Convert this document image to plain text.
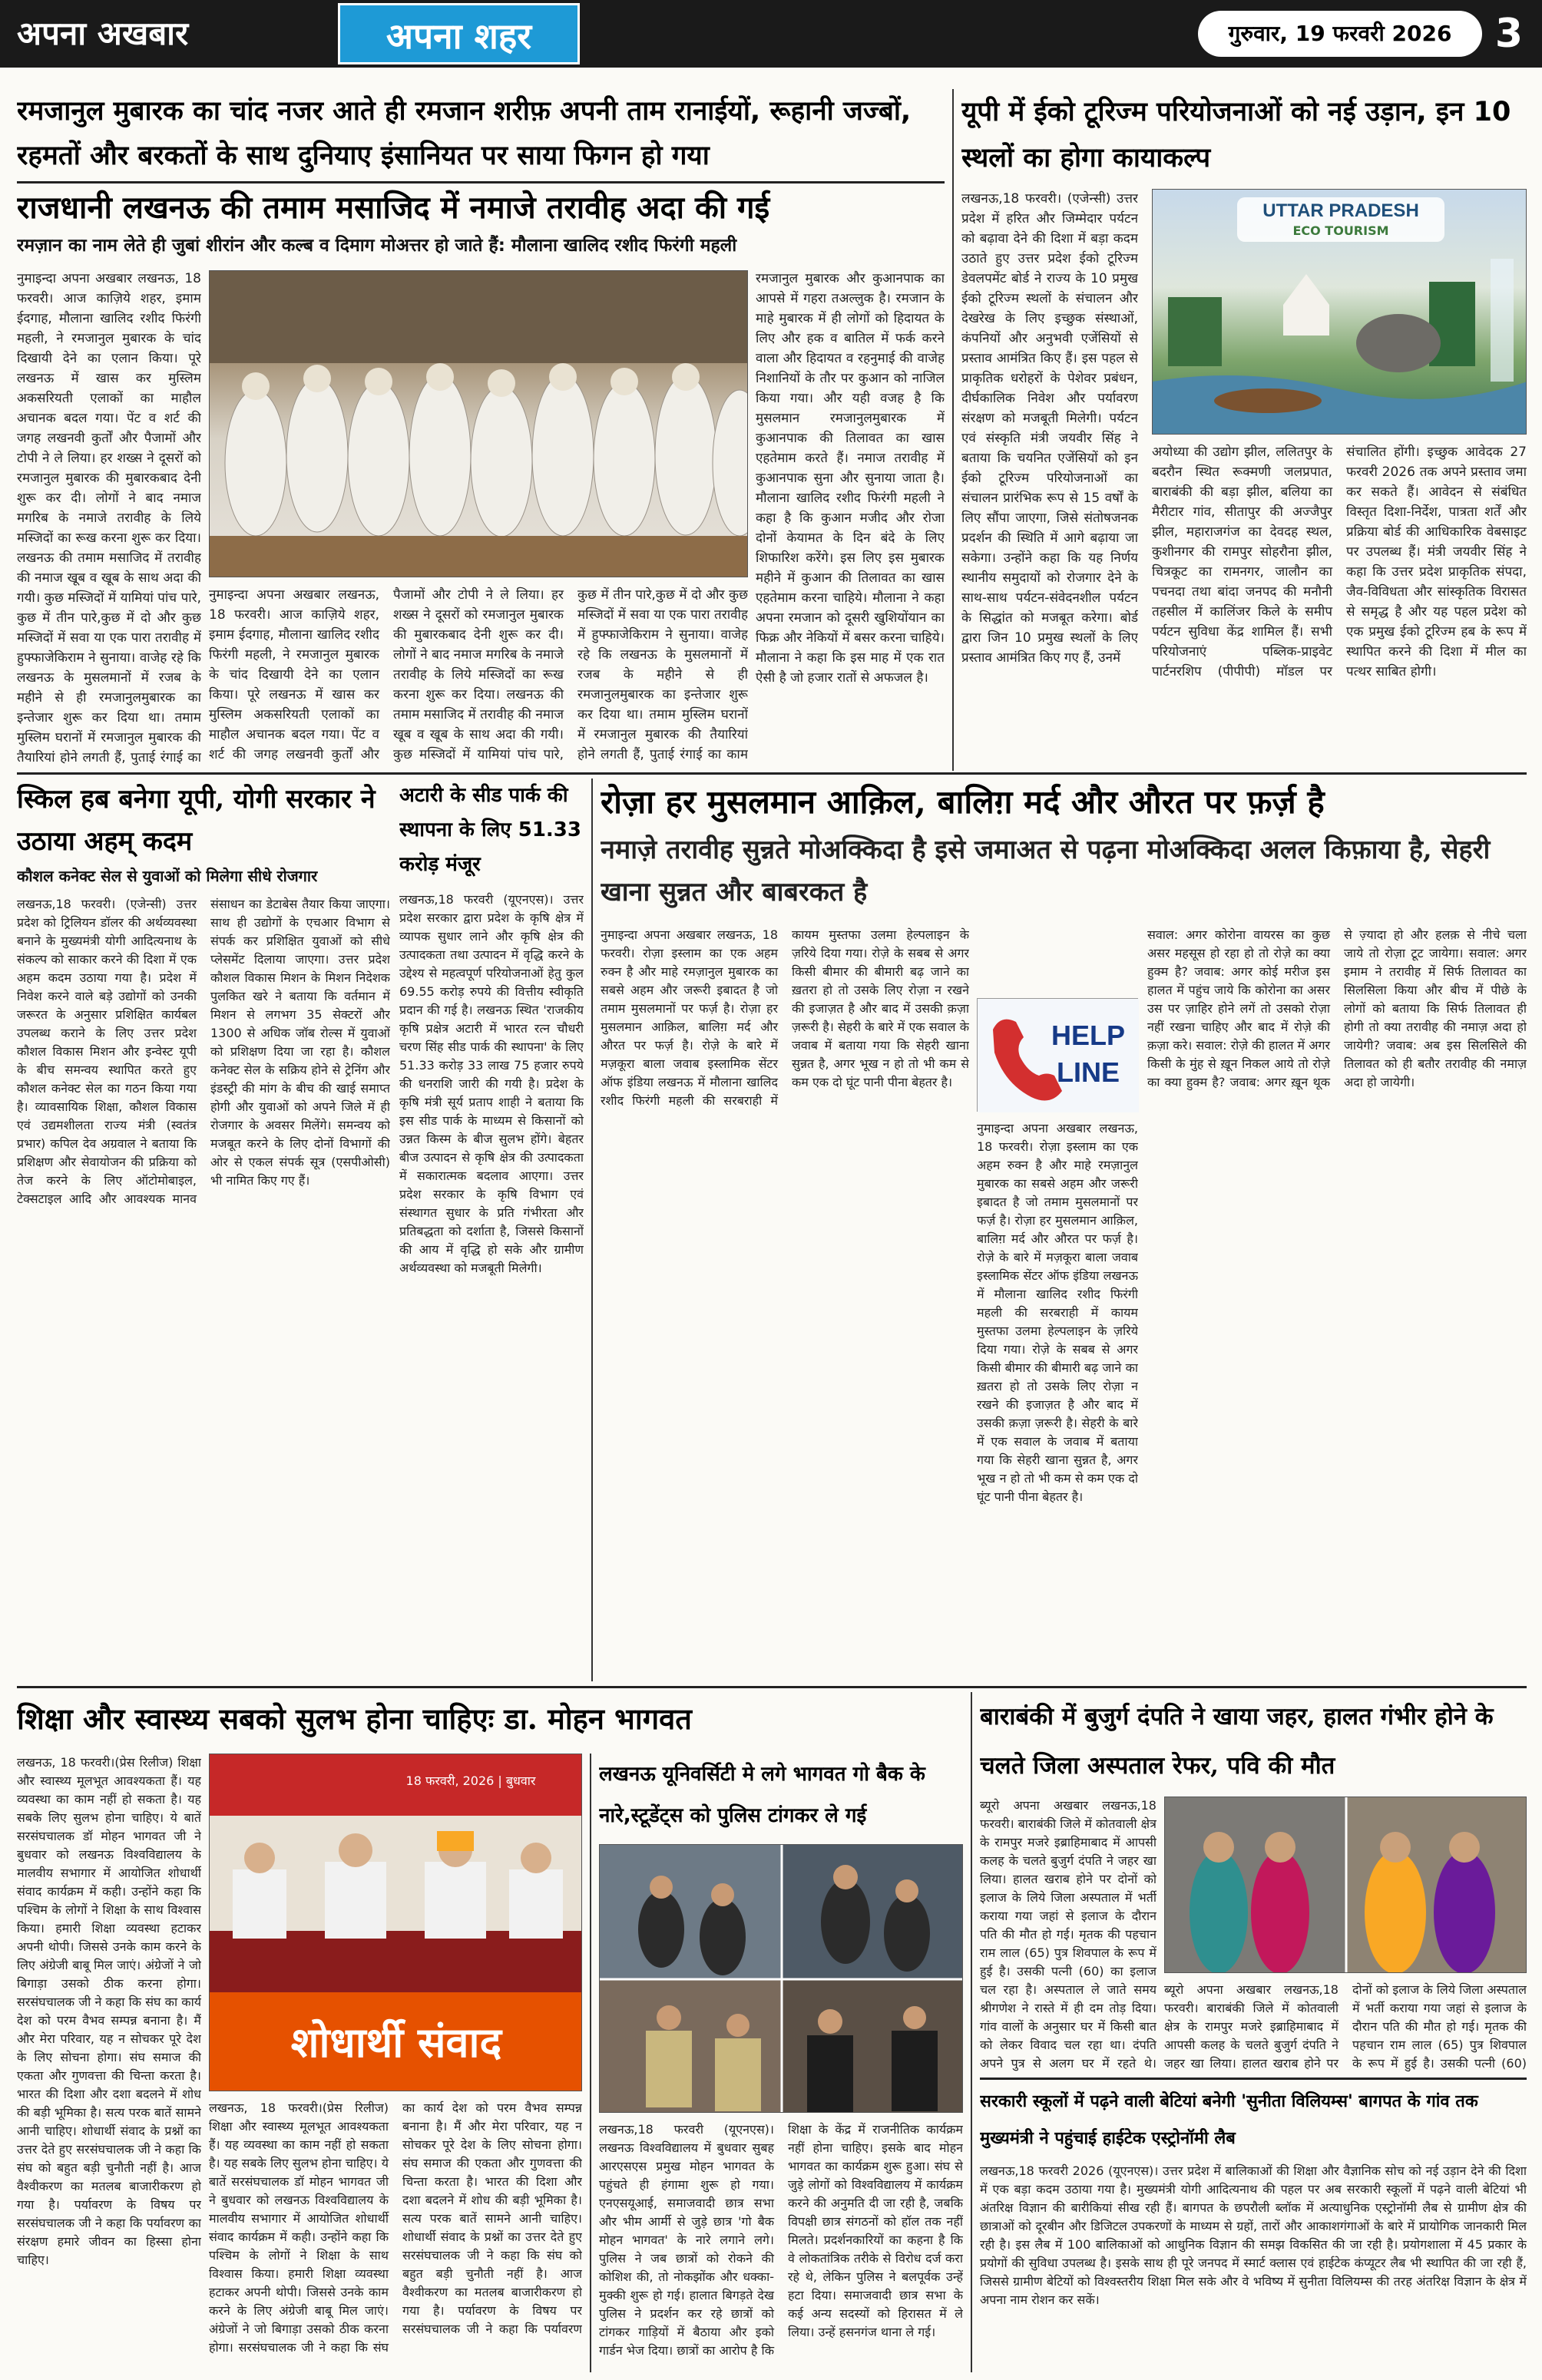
अपना अखबार	अपना शहर	गुरुवार, 19 फरवरी 2026	3
रमजानुल मुबारक का चांद नजर आते ही रमजान शरीफ़ अपनी ताम रानाईयों, रूहानी जज्बों, रहमतों और बरकतों के साथ दुनियाए इंसानियत पर साया फिगन हो गया
राजधानी लखनऊ की तमाम मसाजिद में नमाजे तरावीह अदा की गई
रमज़ान का नाम लेते ही जुबां शीरांन और कल्ब व दिमाग मोअत्तर हो जाते हैं: मौलाना खालिद रशीद फिरंगी महली
नुमाइन्दा अपना अखबार लखनऊ, 18 फरवरी। आज काज़िये शहर, इमाम ईदगाह, मौलाना खालिद रशीद फिरंगी महली, ने रमजानुल मुबारक के चांद दिखायी देने का एलान किया। पूरे लखनऊ में खास कर मुस्लिम अकसरियती एलाकों का माहौल अचानक बदल गया। पेंट व शर्ट की जगह लखनवी कुर्तों और पैजामों और टोपी ने ले लिया। हर शख्स ने दूसरों को रमजानुल मुबारक की मुबारकबाद देनी शुरू कर दी। लोगों ने बाद नमाज मगरिब के नमाजे तरावीह के लिये मस्जिदों का रूख करना शुरू कर दिया। लखनऊ की तमाम मसाजिद में तरावीह की नमाज खूब व खूब के साथ अदा की गयी। कुछ मस्जिदों में यामियां पांच पारे, कुछ में तीन पारे,कुछ में दो और कुछ मस्जिदों में सवा या एक पारा तरावीह में हुफ्फाजेकिराम ने सुनाया। वाजेह रहे कि लखनऊ के मुसलमानों में रजब के महीने से ही रमजानुलमुबारक का इन्तेजार शुरू कर दिया था। तमाम मुस्लिम घरानों में रमजानुल मुबारक की तैयारियां होने लगती हैं, पुताई रंगाई का
नुमाइन्दा अपना अखबार लखनऊ, 18 फरवरी। आज काज़िये शहर, इमाम ईदगाह, मौलाना खालिद रशीद फिरंगी महली, ने रमजानुल मुबारक के चांद दिखायी देने का एलान किया। पूरे लखनऊ में खास कर मुस्लिम अकसरियती एलाकों का माहौल अचानक बदल गया। पेंट व शर्ट की जगह लखनवी कुर्तों और पैजामों और टोपी ने ले लिया। हर शख्स ने दूसरों को रमजानुल मुबारक की मुबारकबाद देनी शुरू कर दी। लोगों ने बाद नमाज मगरिब के नमाजे तरावीह के लिये मस्जिदों का रूख करना शुरू कर दिया। लखनऊ की तमाम मसाजिद में तरावीह की नमाज खूब व खूब के साथ अदा की गयी। कुछ मस्जिदों में यामियां पांच पारे, कुछ में तीन पारे,कुछ में दो और कुछ मस्जिदों में सवा या एक पारा तरावीह में हुफ्फाजेकिराम ने सुनाया। वाजेह रहे कि लखनऊ के मुसलमानों में रजब के महीने से ही रमजानुलमुबारक का इन्तेजार शुरू कर दिया था। तमाम मुस्लिम घरानों में रमजानुल मुबारक की तैयारियां होने लगती हैं, पुताई रंगाई का काम
रमजानुल मुबारक और कुआनपाक का आपसे में गहरा तअल्लुक है। रमजान के माहे मुबारक में ही लोगों को हिदायत के लिए और हक व बातिल में फर्क करने वाला और हिदायत व रहनुमाई की वाजेह निशानियों के तौर पर कुआन को नाजिल किया गया। और यही वजह है कि मुसलमान रमजानुलमुबारक में कुआनपाक की तिलावत का खास एहतेमाम करते हैं। नमाज तरावीह में कुआनपाक सुना और सुनाया जाता है। मौलाना खालिद रशीद फिरंगी महली ने कहा है कि कुआन मजीद और रोजा दोनों केयामत के दिन बंदे के लिए शिफारिश करेंगे। इस लिए इस मुबारक महीने में कुआन की तिलावत का खास एहतेमाम करना चाहिये। मौलाना ने कहा अपना रमजान को दूसरी खुशियोंयान का फिक्र और नेकियों में बसर करना चाहिये। मौलाना ने कहा कि इस माह में एक रात ऐसी है जो हजार रातों से अफजल है।
यूपी में ईको टूरिज्म परियोजनाओं को नई उड़ान, इन 10 स्थलों का होगा कायाकल्प
लखनऊ,18 फरवरी। (एजेन्सी) उत्तर प्रदेश में हरित और जिम्मेदार पर्यटन को बढ़ावा देने की दिशा में बड़ा कदम उठाते हुए उत्तर प्रदेश ईको टूरिज्म डेवलपमेंट बोर्ड ने राज्य के 10 प्रमुख ईको टूरिज्म स्थलों के संचालन और देखरेख के लिए इच्छुक संस्थाओं, कंपनियों और अनुभवी एजेंसियों से प्रस्ताव आमंत्रित किए हैं। इस पहल से प्राकृतिक धरोहरों के पेशेवर प्रबंधन, दीर्घकालिक निवेश और पर्यावरण संरक्षण को मजबूती मिलेगी। पर्यटन एवं संस्कृति मंत्री जयवीर सिंह ने बताया कि चयनित एजेंसियों को इन ईको टूरिज्म परियोजनाओं का संचालन प्रारंभिक रूप से 15 वर्षों के लिए सौंपा जाएगा, जिसे संतोषजनक प्रदर्शन की स्थिति में आगे बढ़ाया जा सकेगा। उन्होंने कहा कि यह निर्णय स्थानीय समुदायों को रोजगार देने के साथ-साथ पर्यटन-संवेदनशील पर्यटन के सिद्धांत को मजबूत करेगा। बोर्ड द्वारा जिन 10 प्रमुख स्थलों के लिए प्रस्ताव आमंत्रित किए गए हैं, उनमें
UTTAR PRADESH
ECO TOURISM
अयोध्या की उद्योग झील, ललितपुर के बदरौन स्थित रूक्मणी जलप्रपात, बाराबंकी की बड़ा झील, बलिया का मैरीटार गांव, सीतापुर की अज्जैपुर झील, महाराजगंज का देवदह स्थल, कुशीनगर की रामपुर सोहरौना झील, चित्रकूट का रामनगर, जालौन का पचनदा तथा बांदा जनपद की मनौनी तहसील में कालिंजर किले के समीप पर्यटन सुविधा केंद्र शामिल हैं। सभी परियोजनाएं पब्लिक-प्राइवेट पार्टनरशिप (पीपीपी) मॉडल पर संचालित होंगी। इच्छुक आवेदक 27 फरवरी 2026 तक अपने प्रस्ताव जमा कर सकते हैं। आवेदन से संबंधित विस्तृत दिशा-निर्देश, पात्रता शर्तें और प्रक्रिया बोर्ड की आधिकारिक वेबसाइट पर उपलब्ध हैं। मंत्री जयवीर सिंह ने कहा कि उत्तर प्रदेश प्राकृतिक संपदा, जैव-विविधता और सांस्कृतिक विरासत से समृद्ध है और यह पहल प्रदेश को एक प्रमुख ईको टूरिज्म हब के रूप में स्थापित करने की दिशा में मील का पत्थर साबित होगी।
स्किल हब बनेगा यूपी, योगी सरकार ने उठाया अहम् कदम
कौशल कनेक्ट सेल से युवाओं को मिलेगा सीधे रोजगार
लखनऊ,18 फरवरी। (एजेन्सी) उत्तर प्रदेश को ट्रिलियन डॉलर की अर्थव्यवस्था बनाने के मुख्यमंत्री योगी आदित्यनाथ के संकल्प को साकार करने की दिशा में एक अहम कदम उठाया गया है। प्रदेश में निवेश करने वाले बड़े उद्योगों को उनकी जरूरत के अनुसार प्रशिक्षित कार्यबल उपलब्ध कराने के लिए उत्तर प्रदेश कौशल विकास मिशन और इन्वेस्ट यूपी के बीच समन्वय स्थापित करते हुए कौशल कनेक्ट सेल का गठन किया गया है। व्यावसायिक शिक्षा, कौशल विकास एवं उद्यमशीलता राज्य मंत्री (स्वतंत्र प्रभार) कपिल देव अग्रवाल ने बताया कि प्रशिक्षण और सेवायोजन की प्रक्रिया को तेज करने के लिए ऑटोमोबाइल, टेक्सटाइल आदि और आवश्यक मानव संसाधन का डेटाबेस तैयार किया जाएगा। साथ ही उद्योगों के एचआर विभाग से संपर्क कर प्रशिक्षित युवाओं को सीधे प्लेसमेंट दिलाया जाएगा। उत्तर प्रदेश कौशल विकास मिशन के मिशन निदेशक पुलकित खरे ने बताया कि वर्तमान में मिशन से लगभग 35 सेक्टरों और 1300 से अधिक जॉब रोल्स में युवाओं को प्रशिक्षण दिया जा रहा है। कौशल कनेक्ट सेल के सक्रिय होने से ट्रेनिंग और इंडस्ट्री की मांग के बीच की खाई समाप्त होगी और युवाओं को अपने जिले में ही रोजगार के अवसर मिलेंगे। समन्वय को मजबूत करने के लिए दोनों विभागों की ओर से एकल संपर्क सूत्र (एसपीओसी) भी नामित किए गए हैं।
अटारी के सीड पार्क की स्थापना के लिए 51.33 करोड़ मंजूर
लखनऊ,18 फरवरी (यूएनएस)। उत्तर प्रदेश सरकार द्वारा प्रदेश के कृषि क्षेत्र में व्यापक सुधार लाने और कृषि क्षेत्र की उत्पादकता तथा उत्पादन में वृद्धि करने के उद्देश्य से महत्वपूर्ण परियोजनाओं हेतु कुल 69.55 करोड़ रुपये की वित्तीय स्वीकृति प्रदान की गई है। लखनऊ स्थित 'राजकीय कृषि प्रक्षेत्र अटारी में भारत रत्न चौधरी चरण सिंह सीड पार्क की स्थापना' के लिए 51.33 करोड़ 33 लाख 75 हजार रुपये की धनराशि जारी की गयी है। प्रदेश के कृषि मंत्री सूर्य प्रताप शाही ने बताया कि इस सीड पार्क के माध्यम से किसानों को उन्नत किस्म के बीज सुलभ होंगे। बेहतर बीज उत्पादन से कृषि क्षेत्र की उत्पादकता में सकारात्मक बदलाव आएगा। उत्तर प्रदेश सरकार के कृषि विभाग एवं संस्थागत सुधार के प्रति गंभीरता और प्रतिबद्धता को दर्शाता है, जिससे किसानों की आय में वृद्धि हो सके और ग्रामीण अर्थव्यवस्था को मजबूती मिलेगी।
रोज़ा हर मुसलमान आक़िल, बालिग़ मर्द और औरत पर फ़र्ज़ है
नमाज़े तरावीह सुन्नते मोअक्किदा है इसे जमाअत से पढ़ना मोअक्किदा अलल किफ़ाया है, सेहरी खाना सुन्नत और बाबरकत है
नुमाइन्दा अपना अखबार लखनऊ, 18 फरवरी। रोज़ा इस्लाम का एक अहम रुक्न है और माहे रमज़ानुल मुबारक का सबसे अहम और जरूरी इबादत है जो तमाम मुसलमानों पर फर्ज़ है। रोज़ा हर मुसलमान आक़िल, बालिग़ मर्द और औरत पर फर्ज़ है। रोज़े के बारे में मज़कूरा बाला जवाब इस्लामिक सेंटर ऑफ इंडिया लखनऊ में मौलाना खालिद रशीद फिरंगी महली की सरबराही में कायम मुस्तफा उलमा हेल्पलाइन के ज़रिये दिया गया। रोज़े के सबब से अगर किसी बीमार की बीमारी बढ़ जाने का ख़तरा हो तो उसके लिए रोज़ा न रखने की इजाज़त है और बाद में उसकी क़ज़ा ज़रूरी है। सेहरी के बारे में एक सवाल के जवाब में बताया गया कि सेहरी खाना सुन्नत है, अगर भूख न हो तो भी कम से कम एक दो घूंट पानी पीना बेहतर है।
HELP LINE
नुमाइन्दा अपना अखबार लखनऊ, 18 फरवरी। रोज़ा इस्लाम का एक अहम रुक्न है और माहे रमज़ानुल मुबारक का सबसे अहम और जरूरी इबादत है जो तमाम मुसलमानों पर फर्ज़ है। रोज़ा हर मुसलमान आक़िल, बालिग़ मर्द और औरत पर फर्ज़ है। रोज़े के बारे में मज़कूरा बाला जवाब इस्लामिक सेंटर ऑफ इंडिया लखनऊ में मौलाना खालिद रशीद फिरंगी महली की सरबराही में कायम मुस्तफा उलमा हेल्पलाइन के ज़रिये दिया गया। रोज़े के सबब से अगर किसी बीमार की बीमारी बढ़ जाने का ख़तरा हो तो उसके लिए रोज़ा न रखने की इजाज़त है और बाद में उसकी क़ज़ा ज़रूरी है। सेहरी के बारे में एक सवाल के जवाब में बताया गया कि सेहरी खाना सुन्नत है, अगर भूख न हो तो भी कम से कम एक दो घूंट पानी पीना बेहतर है।
सवाल: अगर कोरोना वायरस का कुछ असर महसूस हो रहा हो तो रोज़े का क्या हुक्म है? जवाब: अगर कोई मरीज इस हालत में पहुंच जाये कि कोरोना का असर उस पर ज़ाहिर होने लगें तो उसको रोज़ा नहीं रखना चाहिए और बाद में रोज़े की क़ज़ा करे। सवाल: रोज़े की हालत में अगर किसी के मुंह से ख़ून निकल आये तो रोज़े का क्या हुक्म है? जवाब: अगर ख़ून थूक से ज़्यादा हो और हलक़ से नीचे चला जाये तो रोज़ा टूट जायेगा। सवाल: अगर इमाम ने तरावीह में सिर्फ तिलावत का सिलसिला किया और बीच में पीछे के लोगों को बताया कि सिर्फ तिलावत ही होगी तो क्या तरावीह की नमाज़ अदा हो जायेगी? जवाब: अब इस सिलसिले की तिलावत को ही बतौर तरावीह की नमाज़ अदा हो जायेगी।
शिक्षा और स्वास्थ्य सबको सुलभ होना चाहिएः डा. मोहन भागवत
लखनऊ, 18 फरवरी।(प्रेस रिलीज) शिक्षा और स्वास्थ्य मूलभूत आवश्यकता हैं। यह व्यवस्था का काम नहीं हो सकता है। यह सबके लिए सुलभ होना चाहिए। ये बातें सरसंघचालक डॉ मोहन भागवत जी ने बुधवार को लखनऊ विश्वविद्यालय के मालवीय सभागार में आयोजित शोधार्थी संवाद कार्यक्रम में कही। उन्होंने कहा कि पश्चिम के लोगों ने शिक्षा के साथ विश्वास किया। हमारी शिक्षा व्यवस्था हटाकर अपनी थोपी। जिससे उनके काम करने के लिए अंग्रेजी बाबू मिल जाएं। अंग्रेजों ने जो बिगाड़ा उसको ठीक करना होगा। सरसंघचालक जी ने कहा कि संघ का कार्य देश को परम वैभव सम्पन्न बनाना है। मैं और मेरा परिवार, यह न सोचकर पूरे देश के लिए सोचना होगा। संघ समाज की एकता और गुणवत्ता की चिन्ता करता है। भारत की दिशा और दशा बदलने में शोध की बड़ी भूमिका है। सत्य परक बातें सामने आनी चाहिए। शोधार्थी संवाद के प्रश्नों का उत्तर देते हुए सरसंघचालक जी ने कहा कि संघ को बहुत बड़ी चुनौती नहीं है। आज वैश्वीकरण का मतलब बाजारीकरण हो गया है। पर्यावरण के विषय पर सरसंघचालक जी ने कहा कि पर्यावरण का संरक्षण हमारे जीवन का हिस्सा होना चाहिए।
18 फरवरी, 2026 | बुधवार
शोधार्थी संवाद
लखनऊ, 18 फरवरी।(प्रेस रिलीज) शिक्षा और स्वास्थ्य मूलभूत आवश्यकता हैं। यह व्यवस्था का काम नहीं हो सकता है। यह सबके लिए सुलभ होना चाहिए। ये बातें सरसंघचालक डॉ मोहन भागवत जी ने बुधवार को लखनऊ विश्वविद्यालय के मालवीय सभागार में आयोजित शोधार्थी संवाद कार्यक्रम में कही। उन्होंने कहा कि पश्चिम के लोगों ने शिक्षा के साथ विश्वास किया। हमारी शिक्षा व्यवस्था हटाकर अपनी थोपी। जिससे उनके काम करने के लिए अंग्रेजी बाबू मिल जाएं। अंग्रेजों ने जो बिगाड़ा उसको ठीक करना होगा। सरसंघचालक जी ने कहा कि संघ का कार्य देश को परम वैभव सम्पन्न बनाना है। मैं और मेरा परिवार, यह न सोचकर पूरे देश के लिए सोचना होगा। संघ समाज की एकता और गुणवत्ता की चिन्ता करता है। भारत की दिशा और दशा बदलने में शोध की बड़ी भूमिका है। सत्य परक बातें सामने आनी चाहिए। शोधार्थी संवाद के प्रश्नों का उत्तर देते हुए सरसंघचालक जी ने कहा कि संघ को बहुत बड़ी चुनौती नहीं है। आज वैश्वीकरण का मतलब बाजारीकरण हो गया है। पर्यावरण के विषय पर सरसंघचालक जी ने कहा कि पर्यावरण
लखनऊ यूनिवर्सिटी मे लगे भागवत गो बैक के नारे,स्टूडेंट्स को पुलिस टांगकर ले गई
लखनऊ,18 फरवरी (यूएनएस)। लखनऊ विश्वविद्यालय में बुधवार सुबह आरएसएस प्रमुख मोहन भागवत के पहुंचते ही हंगामा शुरू हो गया। एनएसयूआई, समाजवादी छात्र सभा और भीम आर्मी से जुड़े छात्र 'गो बैक मोहन भागवत' के नारे लगाने लगे। पुलिस ने जब छात्रों को रोकने की कोशिश की, तो नोकझोंक और धक्का-मुक्की शुरू हो गई। हालात बिगड़ते देख पुलिस ने प्रदर्शन कर रहे छात्रों को टांगकर गाड़ियों में बैठाया और इको गार्डन भेज दिया। छात्रों का आरोप है कि शिक्षा के केंद्र में राजनीतिक कार्यक्रम नहीं होना चाहिए। इसके बाद मोहन भागवत का कार्यक्रम शुरू हुआ। संघ से जुड़े लोगों को विश्वविद्यालय में कार्यक्रम करने की अनुमति दी जा रही है, जबकि विपक्षी छात्र संगठनों को हॉल तक नहीं मिलते। प्रदर्शनकारियों का कहना है कि वे लोकतांत्रिक तरीके से विरोध दर्ज करा रहे थे, लेकिन पुलिस ने बलपूर्वक उन्हें हटा दिया। समाजवादी छात्र सभा के कई अन्य सदस्यों को हिरासत में ले लिया। उन्हें हसनगंज थाना ले गई।
बाराबंकी में बुजुर्ग दंपति ने खाया जहर, हालत गंभीर होने के चलते जिला अस्पताल रेफर, पवि की मौत
ब्यूरो अपना अखबार लखनऊ,18 फरवरी। बाराबंकी जिले में कोतवाली क्षेत्र के रामपुर मजरे इब्राहिमाबाद में आपसी कलह के चलते बुजुर्ग दंपति ने जहर खा लिया। हालत खराब होने पर दोनों को इलाज के लिये जिला अस्पताल में भर्ती कराया गया जहां से इलाज के दौरान पति की मौत हो गई। मृतक की पहचान राम लाल (65) पुत्र शिवपाल के रूप में हुई है। उसकी पत्नी (60) का इलाज चल रहा है। अस्पताल ले जाते समय श्रीगणेश ने रास्ते में ही दम तोड़ दिया। गांव वालों के अनुसार घर में किसी बात को लेकर विवाद चल रहा था। दंपति अपने पुत्र से अलग घर में रहते थे।
ब्यूरो अपना अखबार लखनऊ,18 फरवरी। बाराबंकी जिले में कोतवाली क्षेत्र के रामपुर मजरे इब्राहिमाबाद में आपसी कलह के चलते बुजुर्ग दंपति ने जहर खा लिया। हालत खराब होने पर दोनों को इलाज के लिये जिला अस्पताल में भर्ती कराया गया जहां से इलाज के दौरान पति की मौत हो गई। मृतक की पहचान राम लाल (65) पुत्र शिवपाल के रूप में हुई है। उसकी पत्नी (60)
सरकारी स्कूलों में पढ़ने वाली बेटियां बनेगी 'सुनीता विलियम्स' बागपत के गांव तक मुख्यमंत्री ने पहुंचाई हाईटेक एस्ट्रोनॉमी लैब
लखनऊ,18 फरवरी 2026 (यूएनएस)। उत्तर प्रदेश में बालिकाओं की शिक्षा और वैज्ञानिक सोच को नई उड़ान देने की दिशा में एक बड़ा कदम उठाया गया है। मुख्यमंत्री योगी आदित्यनाथ की पहल पर अब सरकारी स्कूलों में पढ़ने वाली बेटियां भी अंतरिक्ष विज्ञान की बारीकियां सीख रही हैं। बागपत के छपरौली ब्लॉक में अत्याधुनिक एस्ट्रोनॉमी लैब से ग्रामीण क्षेत्र की छात्राओं को दूरबीन और डिजिटल उपकरणों के माध्यम से ग्रहों, तारों और आकाशगंगाओं के बारे में प्रायोगिक जानकारी मिल रही है। इस लैब में 100 बालिकाओं को आधुनिक विज्ञान की समझ विकसित की जा रही है। प्रयोगशाला में 45 प्रकार के प्रयोगों की सुविधा उपलब्ध है। इसके साथ ही पूरे जनपद में स्मार्ट क्लास एवं हाईटेक कंप्यूटर लैब भी स्थापित की जा रही हैं, जिससे ग्रामीण बेटियों को विश्वस्तरीय शिक्षा मिल सके और वे भविष्य में सुनीता विलियम्स की तरह अंतरिक्ष विज्ञान के क्षेत्र में अपना नाम रोशन कर सकें।
